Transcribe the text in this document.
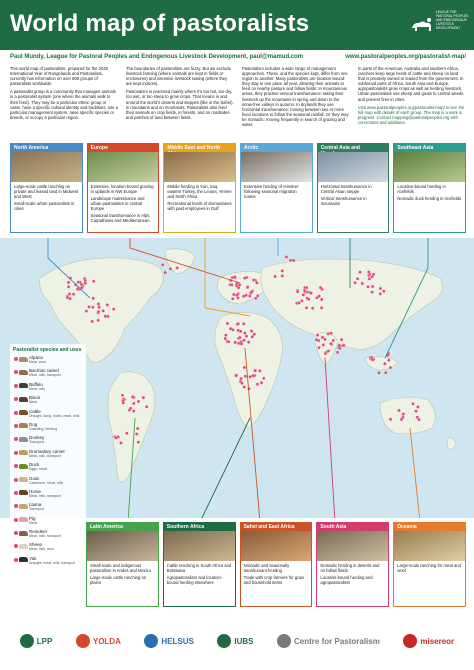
World map of pastoralists	LEAGUE FOR PASTORAL PEOPLES AND ENDOGENOUS LIVESTOCK DEVELOPMENT
Paul Mundy, League for Pastoral Peoples and Endogenous Livestock Development, paul@mamud.com	www.pastoralpeoples.org/pastoralist-map/

This world map of pastoralists, prepared for the 2026 International Year of Rangelands and Pastoralists, currently has information on over 800 groups of pastoralists worldwide.

A pastoralist group is a community that manages animals in a pastoralist system (one where the animals walk to their feed). They may be a particular ethnic group or caste, have a specific cultural identity and traditions, use a particular management system, raise specific species or breeds, or occupy a particular region.

The boundaries of pastoralism are fuzzy. But we exclude livestock farming (where animals are kept in fields or enclosures) and intensive livestock raising (where they are kept indoors).

Pastoralism is practised mainly where it's too hot, too dry, too wet, or too steep to grow crops. That means in and around the world's deserts and steppes (like in the Sahel), in mountains and on moorlands. Pastoralists also feed their animals on crop fields, in forests, and on roadsides and patches of land between fields.

Pastoralism includes a wide range of management approaches. These, and the species kept, differ from one region to another. Many pastoralists are location-bound: they stay in one place all year, allowing their animals to feed on nearby pasture and fallow fields. In mountainous areas, they practise vertical transhumance: taking their livestock up the mountains in spring and down to the snow-free valleys in autumn. In drylands they use horizontal transhumance: moving between two or more fixed locations to follow the seasonal rainfall. Or they may be nomadic: moving frequently in search of grazing and water.

In parts of the Americas, Australia and southern Africa, ranchers keep large herds of cattle and sheep on land that is privately owned or leased from the government. In subhumid parts of Africa, South Asia and Europe, agropastoralists grow crops as well as herding livestock. Urban pastoralists use sheep and goats to control weeds and prevent fires in cities.

Visit www.pastoralpeoples.org/pastoralist-map/ to see the full map with details of each group. The map is a work in progress. Contact mapping@pastoralpeoples.org with corrections and additions.

North America

Large-scale cattle ranching on private and leased land in Midwest and West

Small-scale urban pastoralists in cities

Europe

Extensive, location-bound grazing in uplands in NW Europe

Landscape maintenance and urban pastoralism in central Europe

Seasonal transhumance in Alps, Carpathians and Mediterranean

Middle East and North

Mobile herding in Iran, Iraq, eastern Turkey, the Levant, Yemen and North Africa

Recreational herds of dromedaries with paid employees in Gulf

Arctic

Extensive herding of reindeer following seasonal migration routes

Central Asia and

Horizontal transhumance in Central Asian steppe

Vertical transhumance in mountains

Southeast Asia

Location-bound herding in ricefields

Nomadic duck herding in ricefields

Pastoralist species and uses
Alpaca
Meat, wool
Bactrian camel
Meat, milk, transport
Buffalo
Meat, milk
Bison
Meat
Cattle
Draught, dung, hides, meat, milk
Dog
Guarding, herding
Donkey
Transport
Dromedary camel
Meat, milk, transport
Duck
Eggs, meat
Goat
Cashmere, meat, milk
Horse
Meat, milk, transport
Llama
Transport
Pig
Meat
Reindeer
Meat, milk, transport
Sheep
Meat, milk, wool
Yak
Draught, meat, milk, transport
Latin America

Small-scale and indigenous pastoralism in Andes and Mexico

Large-scale cattle ranching on plains

Southern Africa

Cattle ranching in South Africa and Botswana

Agropastoralism and location-bound herding elsewhere

Sahel and East Africa

Nomadic and seasonally transhumant herding

Trade with crop farmers for grain and household items

South Asia

Nomadic herding in deserts and on fallow fields

Location-bound herding and agropastoralism

Oceania

Large-scale ranching for meat and wool

LPP	YOLDA	HELSUS	IUBS	Centre for Pastoralism	misereor
